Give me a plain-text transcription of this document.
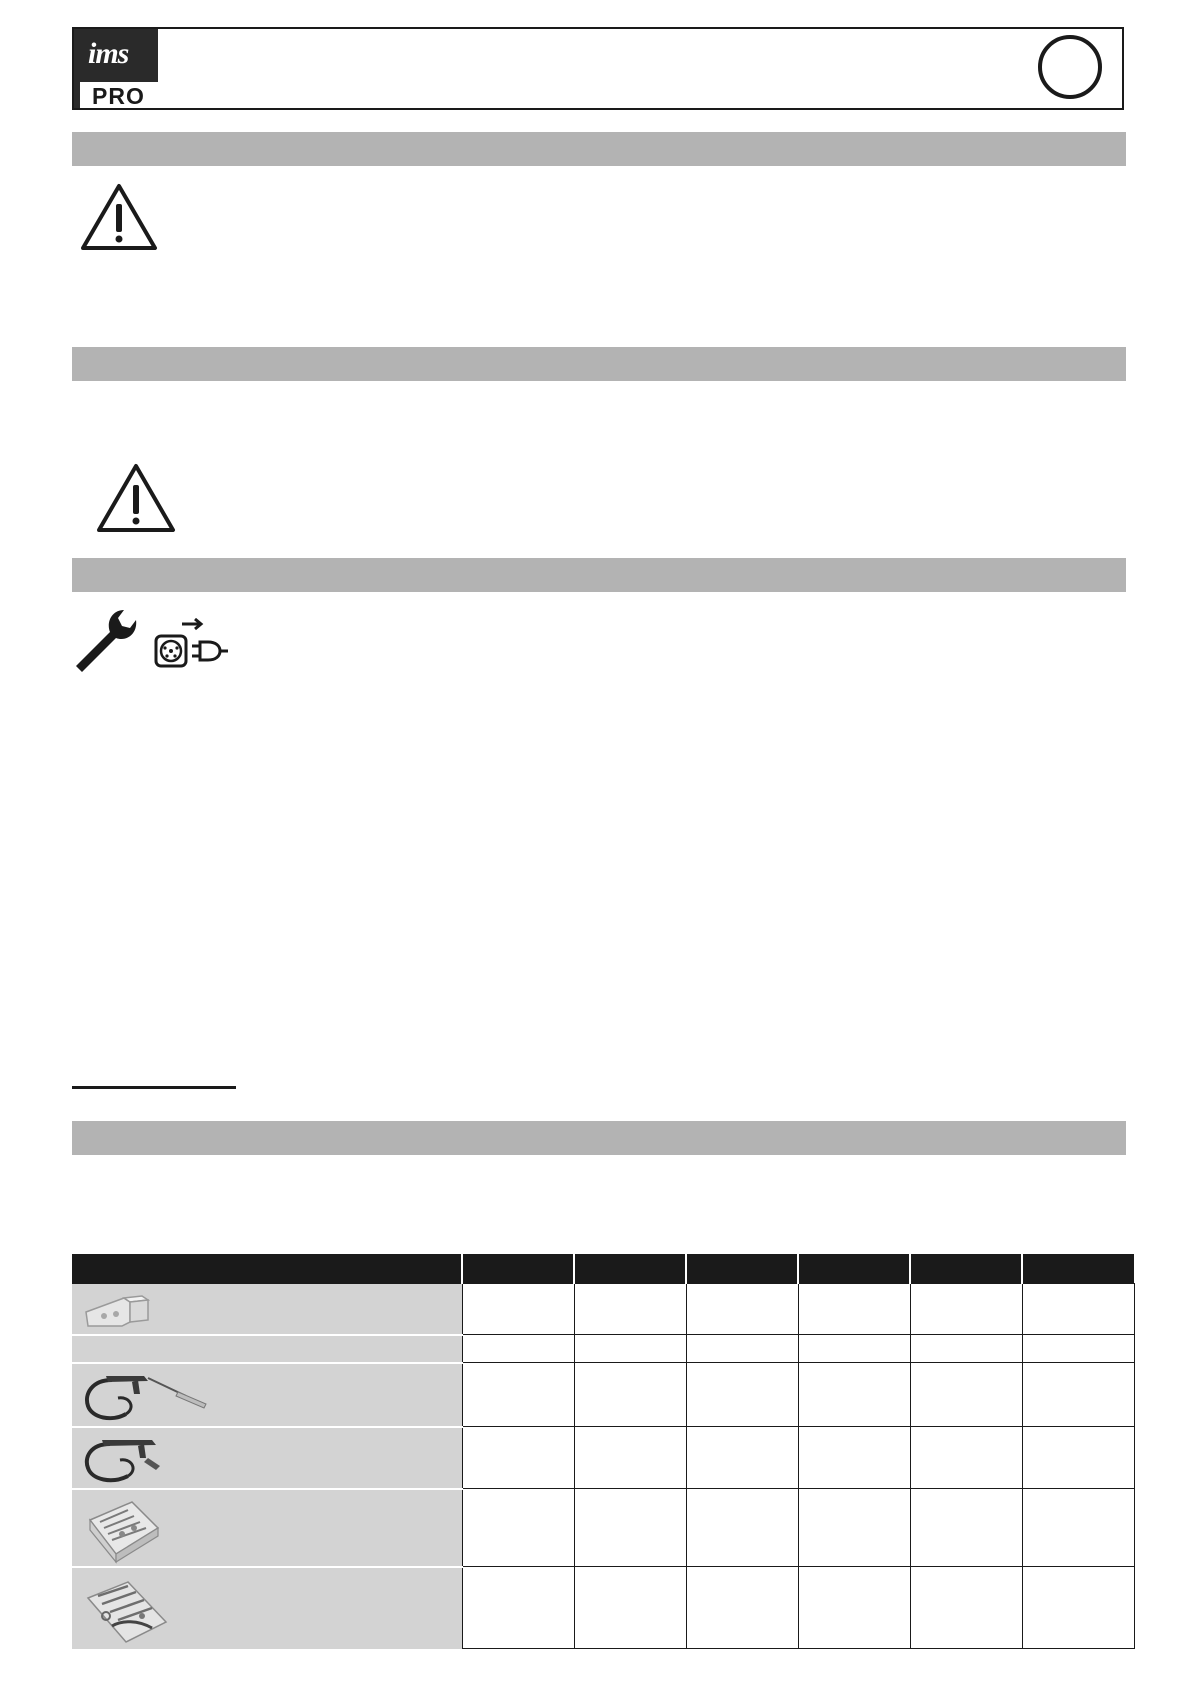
ims
PRO
